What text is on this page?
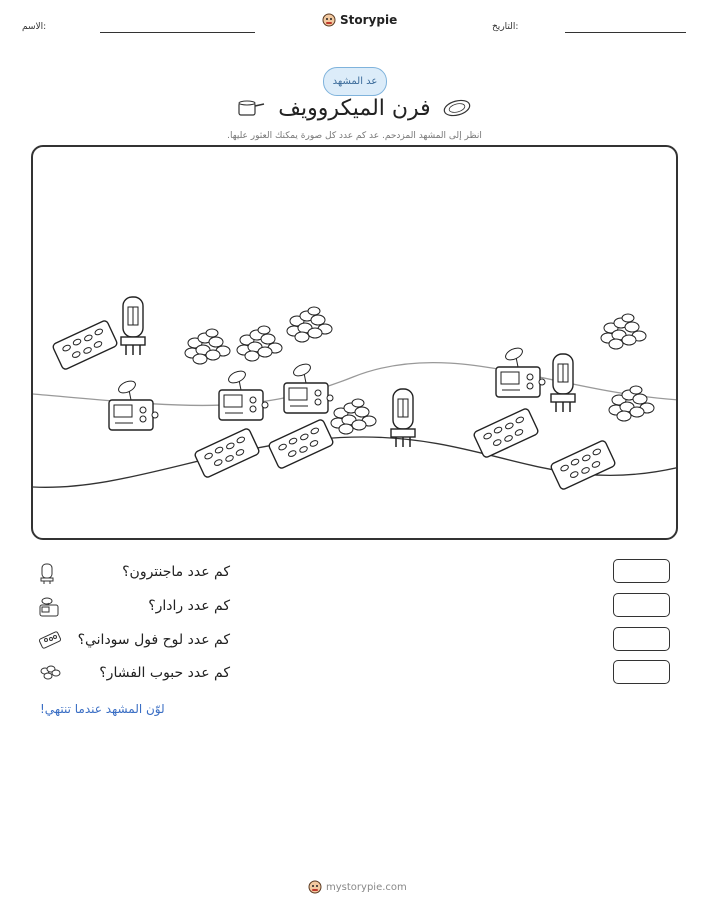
الاسم:	Storypie	التاريخ:
عد المشهد
فرن الميكروويف
انظر إلى المشهد المزدحم. عد كم عدد كل صورة يمكنك العثور عليها.
كم عدد ماجنترون؟
كم عدد رادار؟
كم عدد لوح فول سوداني؟
كم عدد حبوب الفشار؟
لوّن المشهد عندما تنتهي!
mystorypie.com
